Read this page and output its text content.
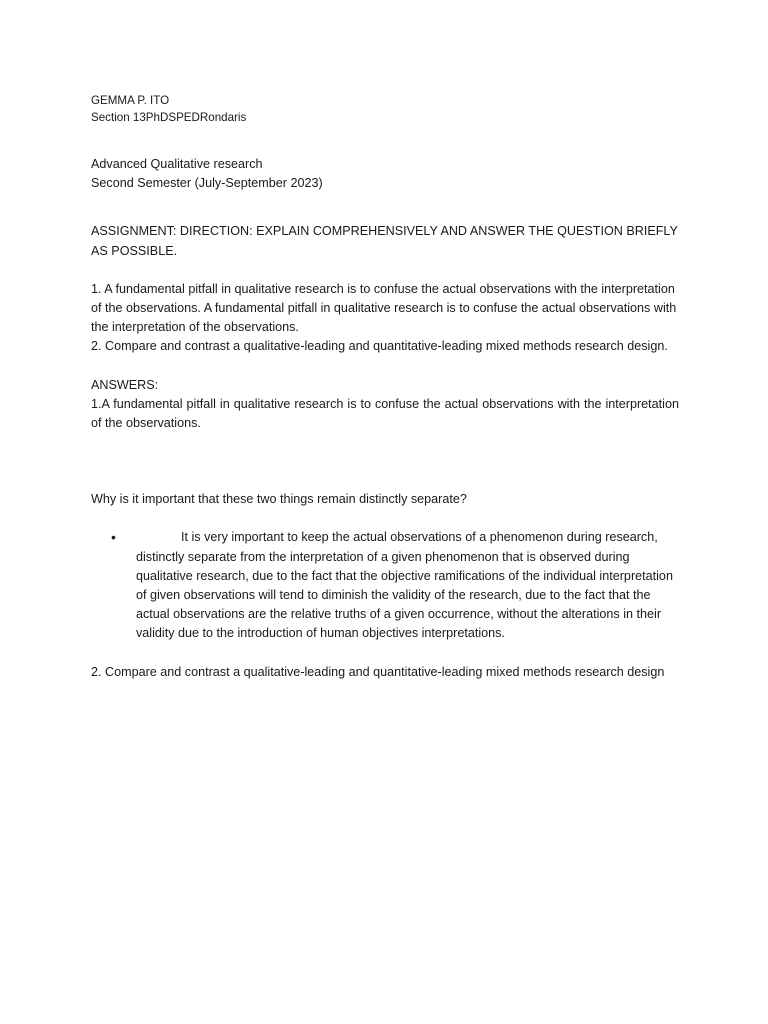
GEMMA P. ITO

Section 13PhDSPEDRondaris

Advanced Qualitative research

Second Semester (July-September 2023)

ASSIGNMENT: DIRECTION: EXPLAIN COMPREHENSIVELY AND ANSWER THE QUESTION BRIEFLY AS POSSIBLE.

1. A fundamental pitfall in qualitative research is to confuse the actual observations with the interpretation of the observations. A fundamental pitfall in qualitative research is to confuse the actual observations with the interpretation of the observations.

2. Compare and contrast a qualitative-leading and quantitative-leading mixed methods research design.

ANSWERS:

1.A fundamental pitfall in qualitative research is to confuse the actual observations with the interpretation of the observations.

Why is it important that these two things remain distinctly separate?

•	It is very important to keep the actual observations of a phenomenon during research, distinctly separate from the interpretation of a given phenomenon that is observed during qualitative research, due to the fact that the objective ramifications of the individual interpretation of given observations will tend to diminish the validity of the research, due to the fact that the actual observations are the relative truths of a given occurrence, without the alterations in their validity due to the introduction of human objectives interpretations.

2. Compare and contrast a qualitative-leading and quantitative-leading mixed methods research design
